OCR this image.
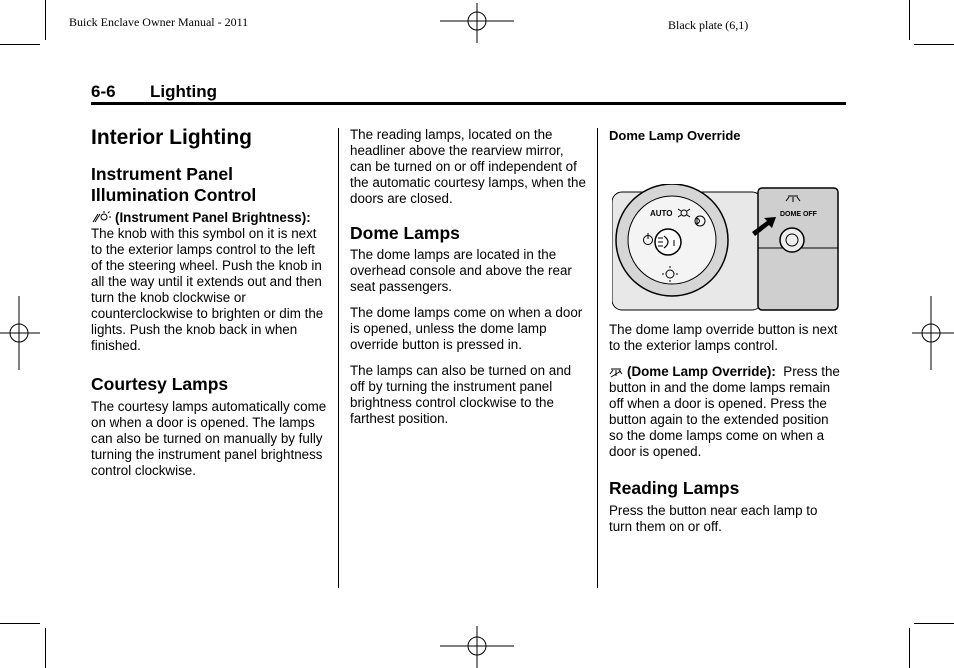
Buick Enclave Owner Manual - 2011	Black plate (6,1)
6-6 Lighting
Interior Lighting
Instrument Panel Illumination Control

(Instrument Panel Brightness):  The knob with this symbol on it is next to the exterior lamps control to the left of the steering wheel. Push the knob in all the way until it extends out and then turn the knob clockwise or counterclockwise to brighten or dim the lights. Push the knob back in when finished.

Courtesy Lamps

The courtesy lamps automatically come on when a door is opened. The lamps can also be turned on manually by fully turning the instrument panel brightness control clockwise.

The reading lamps, located on the headliner above the rearview mirror, can be turned on or off independent of the automatic courtesy lamps, when the doors are closed.

Dome Lamps

The dome lamps are located in the overhead console and above the rear seat passengers.

The dome lamps come on when a door is opened, unless the dome lamp override button is pressed in.

The lamps can also be turned on and off by turning the instrument panel brightness control clockwise to the farthest position.

Dome Lamp Override
AUTO	DOME OFF

The dome lamp override button is next to the exterior lamps control.

(Dome Lamp Override): Press the button in and the dome lamps remain off when a door is opened. Press the button again to the extended position so the dome lamps come on when a door is opened.

Reading Lamps

Press the button near each lamp to turn them on or off.
